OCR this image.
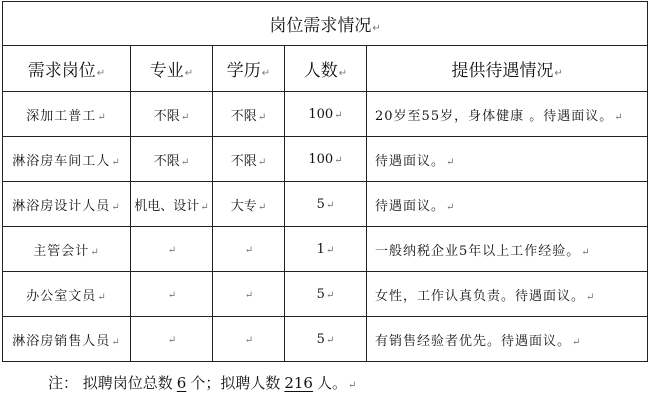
岗位需求情况↵				
需求岗位↵	专业↵	学历↵	人数↵	提供待遇情况↵
深加工普工↵	不限↵	不限↵	100↵	20岁至55岁，身体健康 。待遇面议。↵
淋浴房车间工人↵	不限↵	不限↵	100↵	待遇面议。↵
淋浴房设计人员↵	机电、设计↵	大专↵	5↵	待遇面议。↵
主管会计↵	↵	↵	1↵	一般纳税企业5年以上工作经验。↵
办公室文员↵	↵	↵	5↵	女性，工作认真负责。待遇面议。↵
淋浴房销售人员↵	↵	↵	5↵	有销售经验者优先。待遇面议。↵
注： 拟聘岗位总数 6 个；拟聘人数 216 人。↵
